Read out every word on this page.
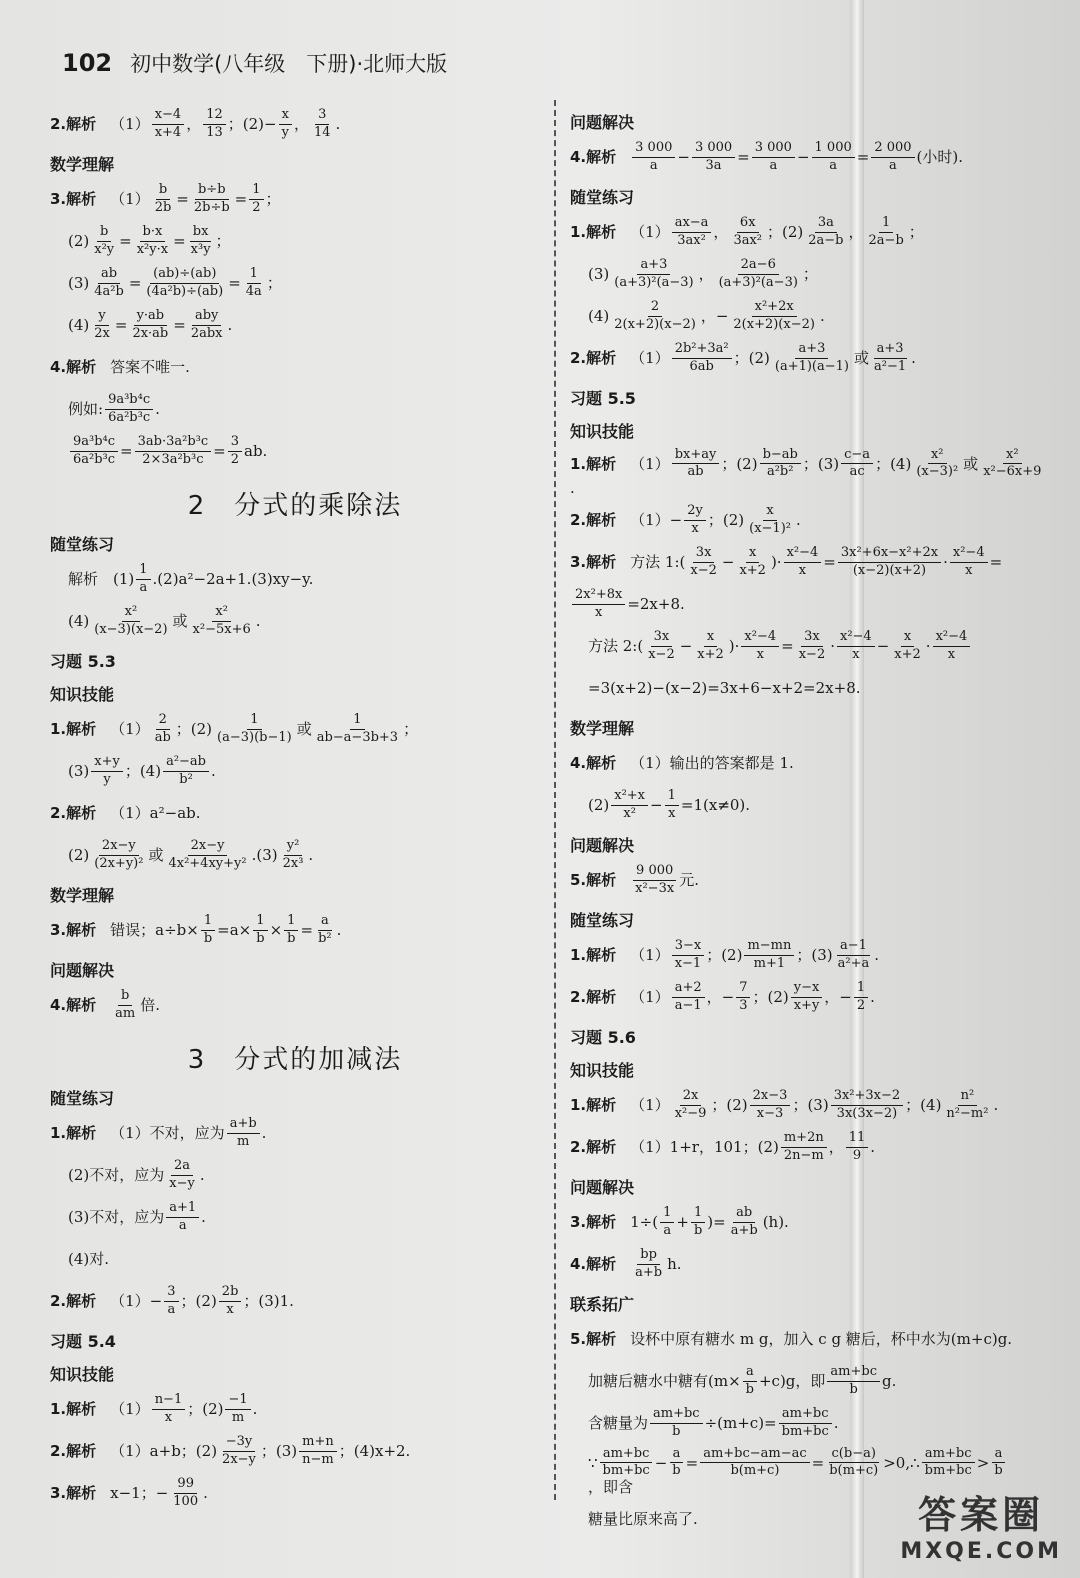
102 初中数学(八年级　下册)·北师大版
2.解析 $(1) \frac{x-4}{x+4}$ ， $\frac{12}{13}$ ；$(2)- \frac{x}{y}$ ， $\frac{3}{14}$ .
数学理解
3.解析 $(1) \frac{b}{2b} = \frac{b\div b}{2b\div b} = \frac{1}{2}$ ；
$(2) \frac{b}{\text{x²y}} = \frac{b\cdot x}{\text{x²y·x}} = \frac{bx}{\text{x³y}}$ ；
$(3) \frac{ab}{\text{4a²b}} = \frac{(ab)\div(ab)}{\text{(4a²b)÷(ab)}} = \frac{1}{4a}$ ；
$(4) \frac{y}{2x} = \frac{y\cdot ab}{2x\cdot ab} = \frac{\text{aby}}{\text{2abx}}$ .
4.解析 答案不唯一.
例如: $\frac{\text{9a³b⁴c}}{\text{6a²b³c}}$ .
$\frac{\text{9a³b⁴c}}{\text{6a²b³c}} = \frac{\text{3ab·3a²b³c}}{\text{2×3a²b³c}} = \frac{3}{2}$ ab.
2　分式的乘除法
随堂练习
解析　$(1) \frac{1}{a} .(2)a^2-2a+1.(3)xy-y$.
$(4) \frac{\text{x²}}{(x-3)(x-2)}$ 或 $\frac{\text{x²}}{\text{x²−5x+6}}$ .
习题 5.3
知识技能
1.解析 $(1) \frac{2}{ab}$ ；$(2) \frac{1}{(a-3)(b-1)}$ 或 $\frac{1}{ab-a-3b+3}$ ；
$(3) \frac{x+y}{y}$ ；$(4) \frac{\text{a²−ab}}{\text{b²}}$ .
2.解析 （1）a²−ab.
$(2) \frac{2x-y}{\text{(2x+y)²}}$ 或 $\frac{2x-y}{\text{4x²+4xy+y²}} .(3) \frac{\text{y²}}{\text{2x³}}$ .
数学理解
3.解析 错误；$a\div b\times \frac{1}{b} =a\times \frac{1}{b} \times \frac{1}{b} = \frac{a}{\text{b²}}$ .
问题解决
4.解析 $\frac{b}{am}$ 倍.
3　分式的加减法
随堂练习
1.解析 （1）不对，应为 $\frac{a+b}{m}$ .
(2)不对，应为 $\frac{2a}{x-y}$ .
(3)不对，应为 $\frac{a+1}{a}$ .
(4)对.
2.解析 $(1)- \frac{3}{a}$ ；$(2) \frac{2b}{x}$ ；(3)1.
习题 5.4
知识技能
1.解析 $(1) \frac{n-1}{x}$ ；$(2) \frac{-1}{m}$ .
2.解析 （1）a+b；$(2) \frac{-3y}{2x-y}$ ；$(3) \frac{m+n}{n-m}$ ；(4)x+2.
3.解析 x−1；− $\frac{99}{100}$ .
问题解决
4.解析 $\frac{3 000}{a} - \frac{3 000}{3a} = \frac{3 000}{a} - \frac{1 000}{a} = \frac{2 000}{a}$ (小时).
随堂练习
1.解析 $(1) \frac{ax-a}{\text{3ax²}}$ ， $\frac{6x}{\text{3ax²}}$ ；$(2) \frac{3a}{2a-b}$ ， $\frac{1}{2a-b}$ ；
$(3) \frac{a+3}{\text{(a+3)²(a−3)}}$ ， $\frac{2a-6}{\text{(a+3)²(a−3)}}$ ；
$(4) \frac{2}{2(x+2)(x-2)}$ ，− $\frac{\text{x²+2x}}{2(x+2)(x-2)}$ .
2.解析 $(1) \frac{\text{2b²+3a²}}{6ab}$ ；$(2) \frac{a+3}{(a+1)(a-1)}$ 或 $\frac{a+3}{\text{a²−1}}$ .
习题 5.5
知识技能
1.解析 $(1) \frac{bx+ay}{ab}$ ；$(2) \frac{b-ab}{\text{a²b²}}$ ；$(3) \frac{c-a}{ac}$ ；$(4) \frac{\text{x²}}{\text{(x−3)²}}$ 或 $\frac{\text{x²}}{\text{x²−6x+9}}$
.
2.解析 $(1)- \frac{2y}{x}$ ；$(2) \frac{x}{\text{(x−1)²}}$ .
3.解析 方法 1:( $\frac{3x}{x-2} - \frac{x}{x+2}$ )· $\frac{\text{x²−4}}{x} = \frac{\text{3x²+6x−x²+2x}}{(x-2)(x+2)} \cdot \frac{\text{x²−4}}{x}$ =
$\frac{\text{2x²+8x}}{x} =2x+8$.
方法 2:( $\frac{3x}{x-2} - \frac{x}{x+2}$ )· $\frac{\text{x²−4}}{x} = \frac{3x}{x-2} \cdot \frac{\text{x²−4}}{x} - \frac{x}{x+2} \cdot \frac{\text{x²−4}}{x}$
=3(x+2)−(x−2)=3x+6−x+2=2x+8.
数学理解
4.解析 （1）输出的答案都是 1.
$(2) \frac{\text{x²+x}}{\text{x²}} - \frac{1}{x} =1(x\ne 0)$.
问题解决
5.解析 $\frac{9 000}{\text{x²−3x}}$ 元.
随堂练习
1.解析 $(1) \frac{3-x}{x-1}$ ；$(2) \frac{m-mn}{m+1}$ ；$(3) \frac{a-1}{\text{a²+a}}$ .
2.解析 $(1) \frac{a+2}{a-1}$ ，− $\frac{7}{3}$ ；$(2) \frac{y-x}{x+y}$ ，− $\frac{1}{2}$ .
习题 5.6
知识技能
1.解析 $(1) \frac{2x}{\text{x²−9}}$ ；$(2) \frac{2x-3}{x-3}$ ；$(3) \frac{\text{3x²+3x−2}}{3x(3x-2)}$ ；$(4) \frac{\text{n²}}{\text{n²−m²}}$ .
2.解析 （1）1+r，101；$(2) \frac{m+2n}{2n-m}$ ， $\frac{11}{9}$ .
问题解决
3.解析 $1\div( \frac{1}{a} + \frac{1}{b}$ )= $\frac{ab}{a+b} (h)$.
4.解析 $\frac{bp}{a+b} h$.
联系拓广
5.解析 设杯中原有糖水 m g，加入 c g 糖后，杯中水为(m+c)g.
加糖后糖水中糖有$(m\times \frac{a}{b} +c)g$，即 $\frac{am+bc}{b} g$.
含糖量为 $\frac{am+bc}{b} \div(m+c)= \frac{am+bc}{bm+bc}$ .
∵ $\frac{am+bc}{bm+bc} - \frac{a}{b} = \frac{am+bc-am-ac}{b(m+c)} = \frac{c(b-a)}{b(m+c)}$ >0,∴ $\frac{am+bc}{bm+bc} > \frac{a}{b}$
，即含
糖量比原来高了.	答案圈
MXQE.COM
